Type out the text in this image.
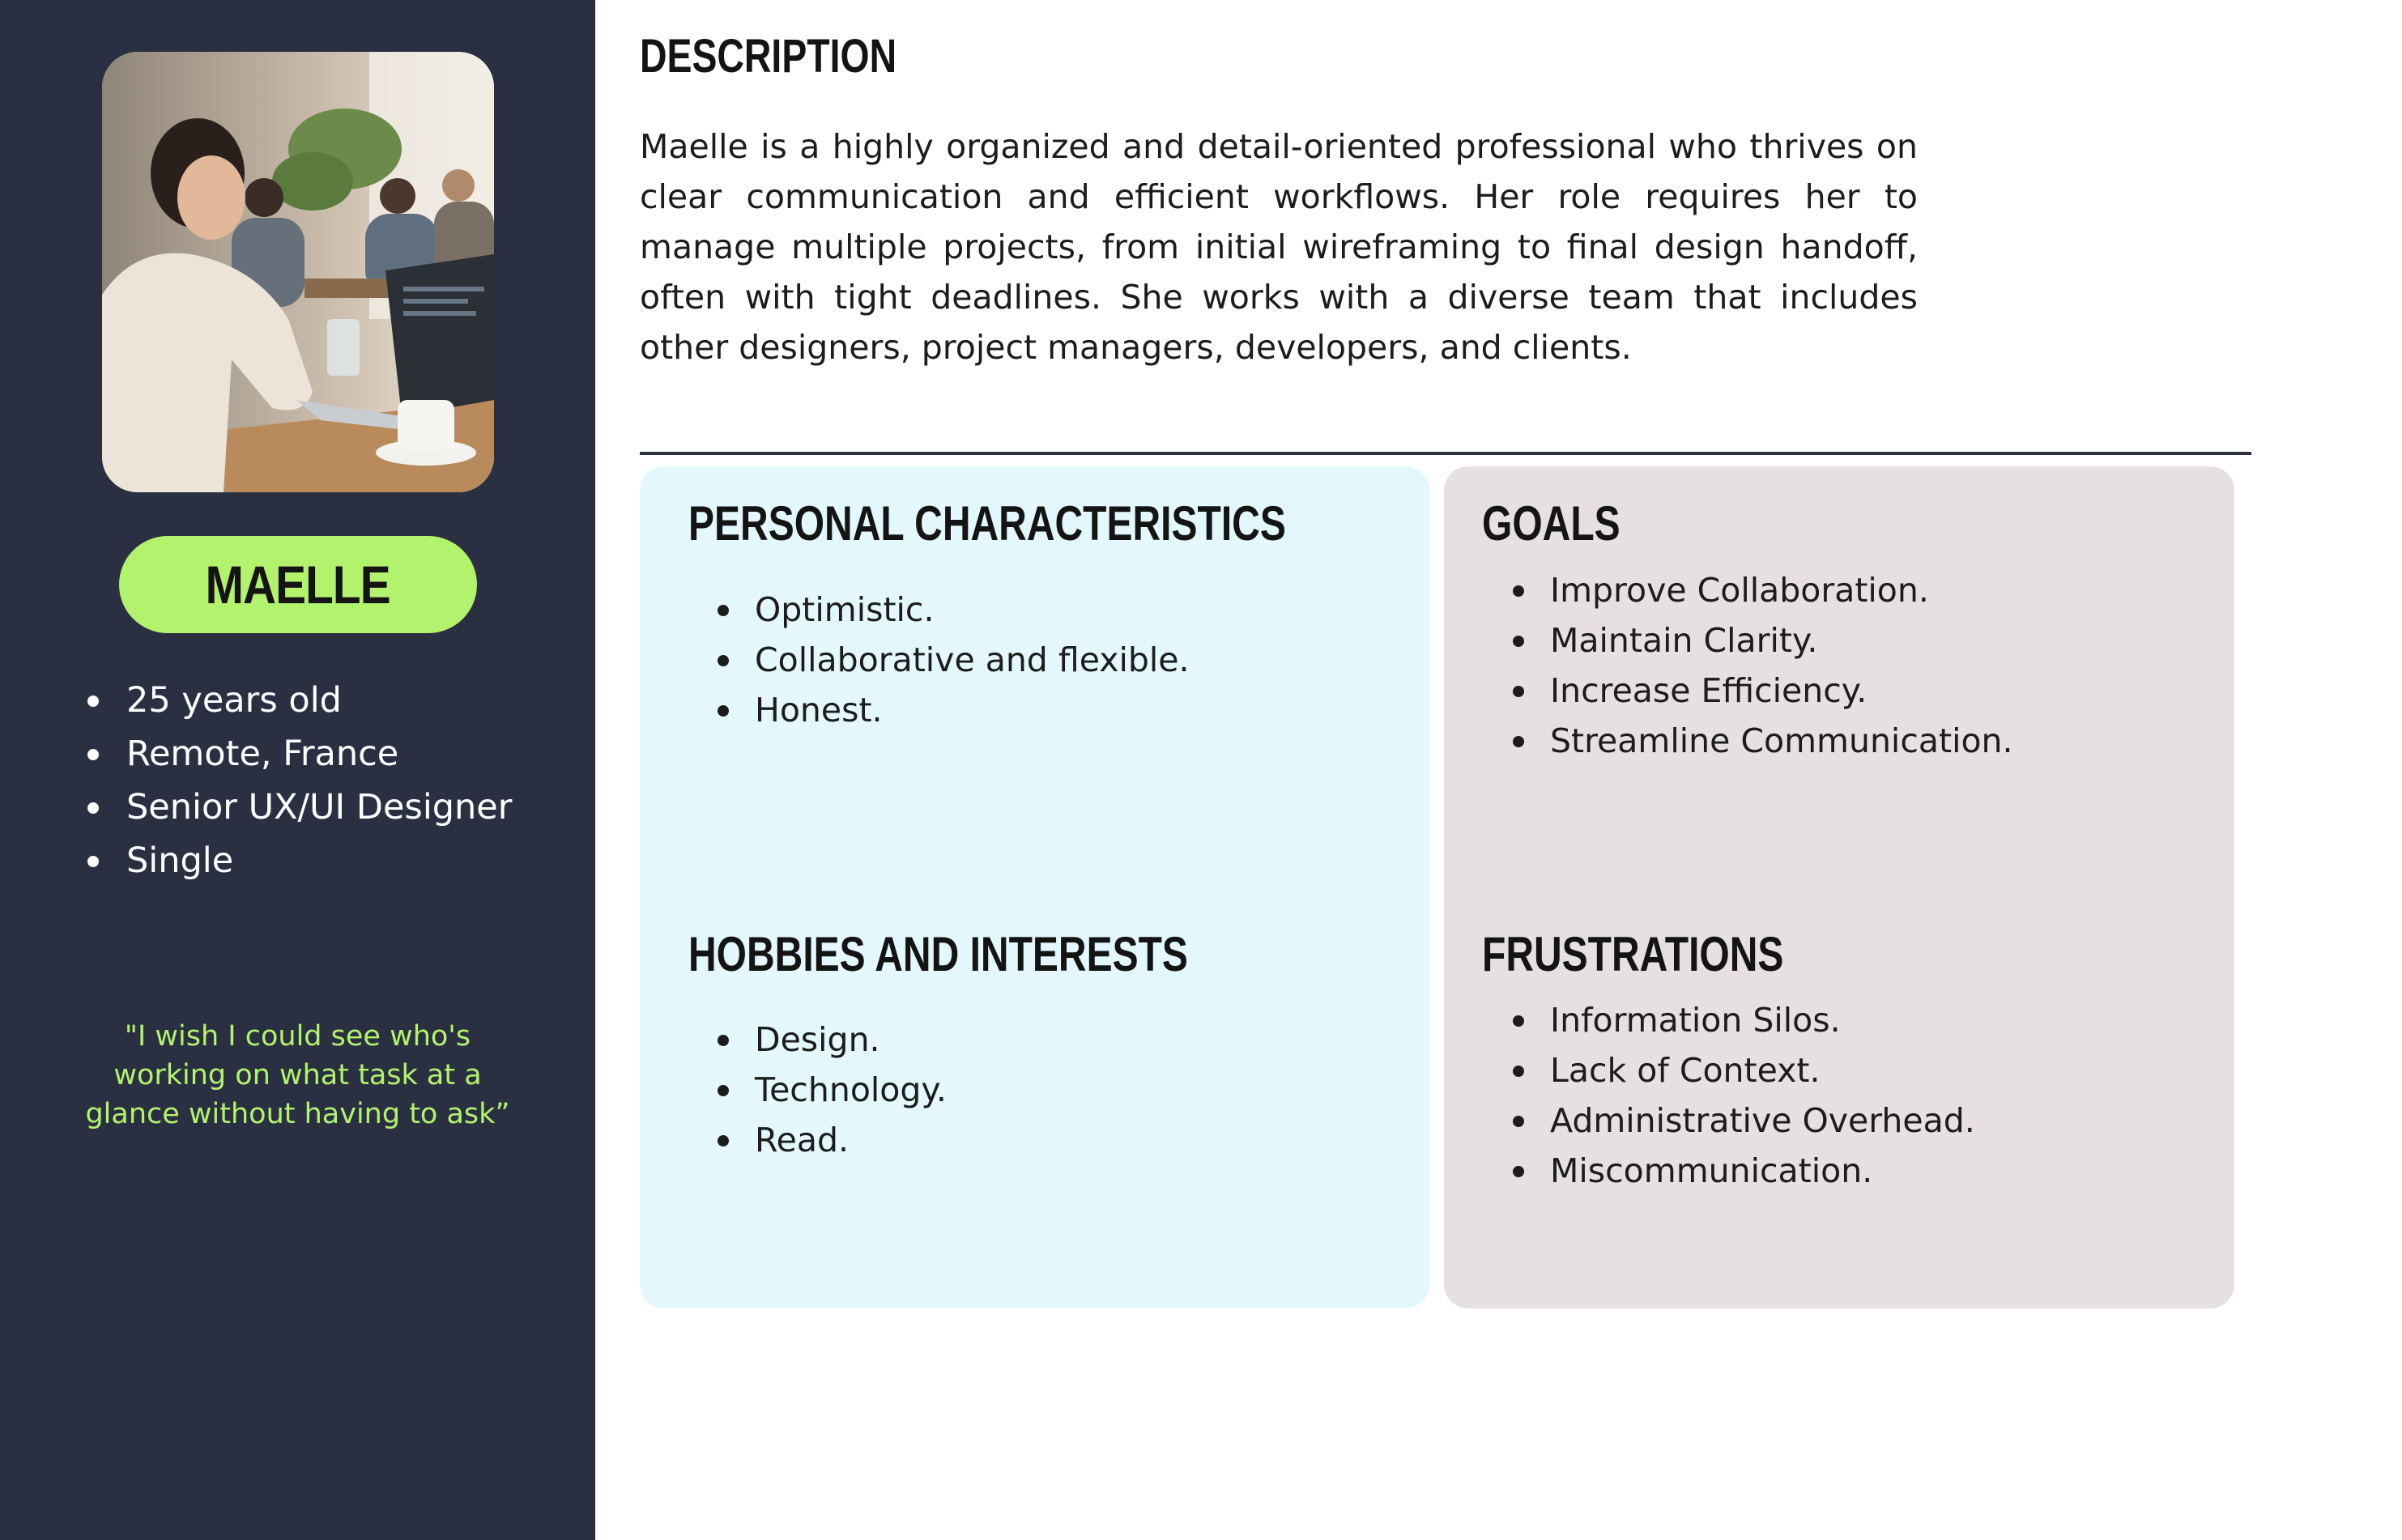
MAELLE
25 years old
Remote, France
Senior UX/UI Designer
Single
"I wish I could see who's
working on what task at a
glance without having to ask”
DESCRIPTION

Maelle is a highly organized and detail-oriented professional who thrives on clear communication and efficient workflows. Her role requires her to manage multiple projects, from initial wireframing to final design handoff, often with tight deadlines. She works with a diverse team that includes other designers, project managers, developers, and clients.

PERSONAL CHARACTERISTICS
Optimistic.
Collaborative and flexible.
Honest.
HOBBIES AND INTERESTS
Design.
Technology.
Read.
GOALS
Improve Collaboration.
Maintain Clarity.
Increase Efficiency.
Streamline Communication.
FRUSTRATIONS
Information Silos.
Lack of Context.
Administrative Overhead.
Miscommunication.
